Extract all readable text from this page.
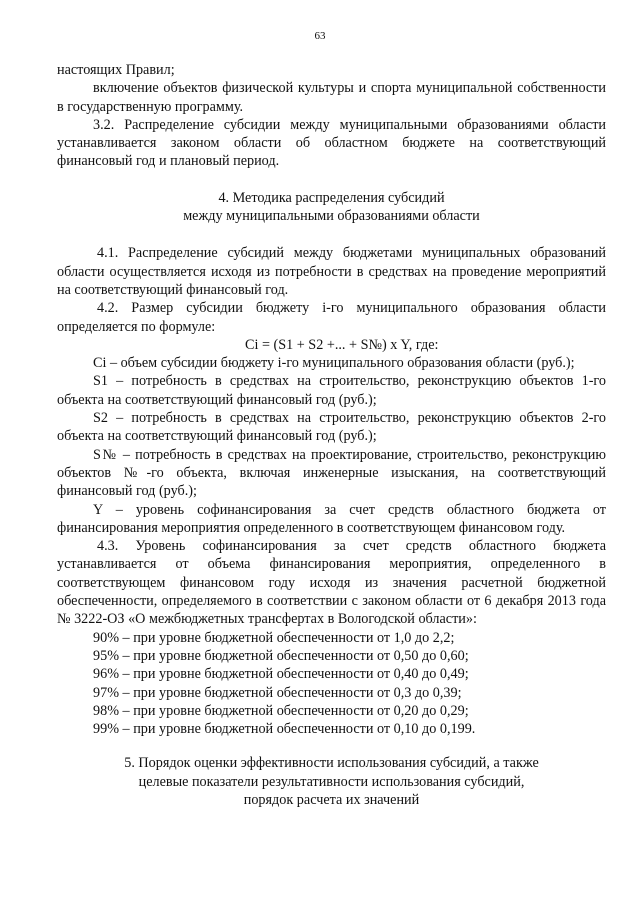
63

настоящих Правил;

включение объектов физической культуры и спорта муниципальной собственности в государственную программу.

3.2. Распределение субсидии между муниципальными образованиями области устанавливается законом области об областном бюджете на соответствующий финансовый год и плановый период.

4. Методика распределения субсидий
между муниципальными образованиями области

4.1. Распределение субсидий между бюджетами муниципальных образований области осуществляется исходя из потребности в средствах на проведение мероприятий на соответствующий финансовый год.

4.2. Размер субсидии бюджету i-го муниципального образования области определяется по формуле:

Ci = (S1 + S2 +... + S№) x Y, где:

Ci – объем субсидии бюджету i-го муниципального образования области (руб.);

S1 – потребность в средствах на строительство, реконструкцию объектов 1-го объекта на соответствующий финансовый год (руб.);

S2 – потребность в средствах на строительство, реконструкцию объектов 2-го объекта на соответствующий финансовый год (руб.);

S№ – потребность в средствах на проектирование, строительство, реконструкцию объектов №-го объекта, включая инженерные изыскания, на соответствующий финансовый год (руб.);

Y – уровень софинансирования за счет средств областного бюджета от финансирования мероприятия определенного в соответствующем финансовом году.

4.3. Уровень софинансирования за счет средств областного бюджета устанавливается от объема финансирования мероприятия, определенного в соответствующем финансовом году исходя из значения расчетной бюджетной обеспеченности, определяемого в соответствии с законом области от 6 декабря 2013 года № 3222-ОЗ «О межбюджетных трансфертах в Вологодской области»:

90% – при уровне бюджетной обеспеченности от 1,0 до 2,2;

95% – при уровне бюджетной обеспеченности от 0,50 до 0,60;

96% – при уровне бюджетной обеспеченности от 0,40 до 0,49;

97% – при уровне бюджетной обеспеченности от 0,3 до 0,39;

98% – при уровне бюджетной обеспеченности от 0,20 до 0,29;

99% – при уровне бюджетной обеспеченности от 0,10 до 0,199.

5. Порядок оценки эффективности использования субсидий, а также
целевые показатели результативности использования субсидий,
порядок расчета их значений
